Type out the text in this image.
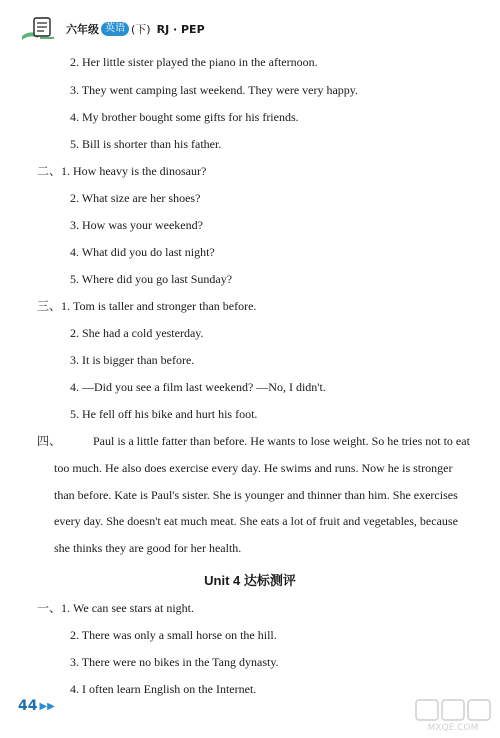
六年级 英语 (下) RJ · PEP
2. Her little sister played the piano in the afternoon.
3. They went camping last weekend. They were very happy.
4. My brother bought some gifts for his friends.
5. Bill is shorter than his father.
二、1. How heavy is the dinosaur?
2. What size are her shoes?
3. How was your weekend?
4. What did you do last night?
5. Where did you go last Sunday?
三、1. Tom is taller and stronger than before.
2. She had a cold yesterday.
3. It is bigger than before.
4. —Did you see a film last weekend? —No, I didn't.
5. He fell off his bike and hurt his foot.
四、	Paul is a little fatter than before. He wants to lose weight. So he tries not to eat
too much. He also does exercise every day. He swims and runs. Now he is stronger
than before. Kate is Paul's sister. She is younger and thinner than him. She exercises
every day. She doesn't eat much meat. She eats a lot of fruit and vegetables, because
she thinks they are good for her health.
Unit 4 达标测评
一、1. We can see stars at night.
2. There was only a small horse on the hill.
3. There were no bikes in the Tang dynasty.
4. I often learn English on the Internet.
44 ▶▶
MXQE.COM
